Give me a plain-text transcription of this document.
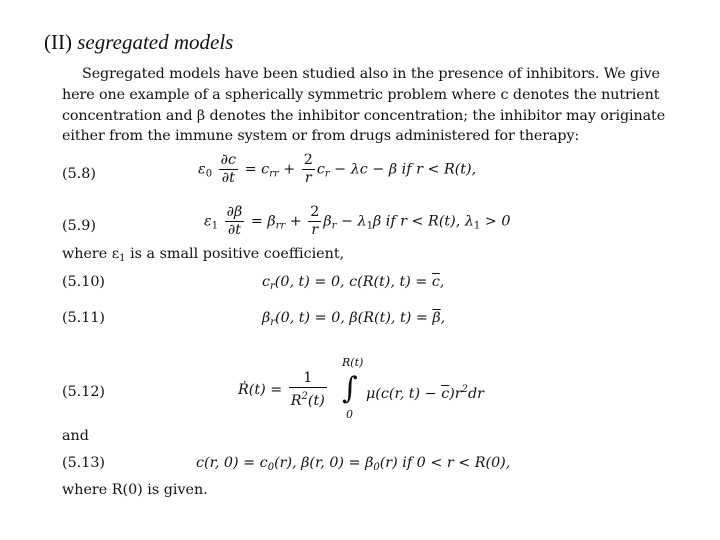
(II) segregated models
Segregated models have been studied also in the presence of inhibitors. We give
here one example of a spherically symmetric problem where c denotes the nutrient
concentration and β denotes the inhibitor concentration; the inhibitor may originate
either from the immune system or from drugs administered for therapy:
(5.8)	$\varepsilon_0 \frac{\partial c}{\partial t} = c_{rr} + \frac{2}{r} c_r - \lambda c - \beta$ if r < R(t),
(5.9)	$\varepsilon_1 \frac{\partial\beta}{\partial t} = \beta_{rr} + \frac{2}{r} \beta_r - \lambda_1\beta$ if r < R(t), $\lambda_1 > 0$
where $\varepsilon_1$ is a small positive coefficient,
(5.10)	$c_r(0$, t) = 0, c(R(t), $t) = \overline{c}$,
(5.11)	$\beta_r(0$, t) = 0, β(R(t), $t) = \overline{\beta}$,
(5.12)	Ṙ(t) = $\frac{1}{R^2(t)}$
R(t)
∫
0
μ(c(r, $t) - \overline{c})r^2dr$
and
(5.13)	c(r, $0) = c_0(r)$, β(r, $0) = \beta_0(r)$ if 0 < r < R(0),
where R(0) is given.
